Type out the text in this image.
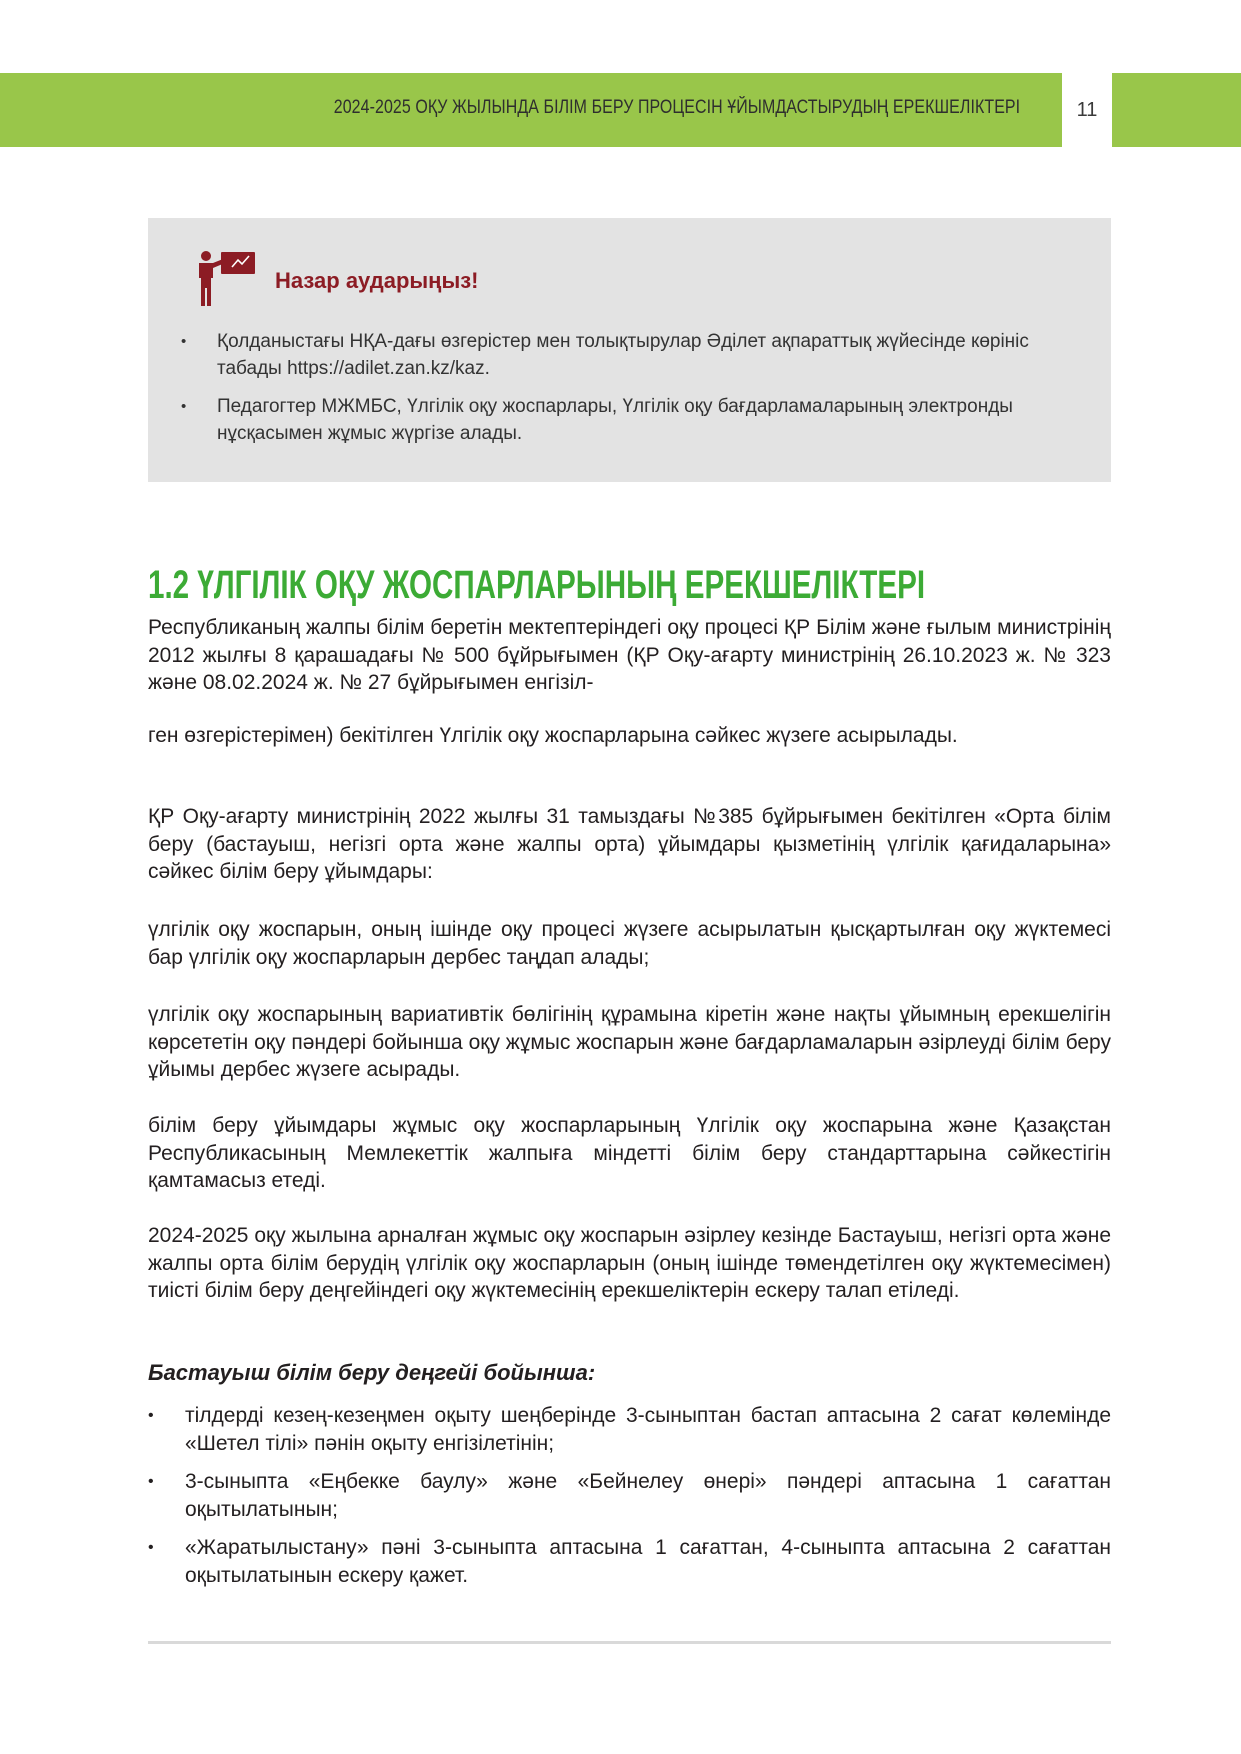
2024-2025 ОҚУ ЖЫЛЫНДА БІЛІМ БЕРУ ПРОЦЕСІН ҰЙЫМДАСТЫРУДЫҢ ЕРЕКШЕЛІКТЕРІ	11
Назар аударыңыз!
• Қолданыстағы НҚА-дағы өзгерістер мен толықтырулар Әділет ақпараттық жүйесінде көрініс табады https://adilet.zan.kz/kaz.
• Педагогтер МЖМБС, Үлгілік оқу жоспарлары, Үлгілік оқу бағдарламаларының электронды нұсқасымен жұмыс жүргізе алады.
1.2 ҮЛГІЛІК ОҚУ ЖОСПАРЛАРЫНЫҢ ЕРЕКШЕЛІКТЕРІ

Республиканың жалпы білім беретін мектептеріндегі оқу процесі ҚР Білім және ғылым министрінің 2012 жылғы 8 қарашадағы № 500 бұйрығымен (ҚР Оқу-ағарту министрінің 26.10.2023 ж. № 323 және 08.02.2024 ж. № 27 бұйрығымен енгізіл-

ген өзгерістерімен) бекітілген Үлгілік оқу жоспарларына сәйкес жүзеге асырылады.

ҚР Оқу-ағарту министрінің 2022 жылғы 31 тамыздағы №385 бұйрығымен бекітілген «Орта білім беру (бастауыш, негізгі орта және жалпы орта) ұйымдары қызметінің үлгілік қағидаларына» сәйкес білім беру ұйымдары:

үлгілік оқу жоспарын, оның ішінде оқу процесі жүзеге асырылатын қысқартылған оқу жүктемесі бар үлгілік оқу жоспарларын дербес таңдап алады;

үлгілік оқу жоспарының вариативтік бөлігінің құрамына кіретін және нақты ұйымның ерекшелігін көрсететін оқу пәндері бойынша оқу жұмыс жоспарын және бағдарламаларын әзірлеуді білім беру ұйымы дербес жүзеге асырады.

білім беру ұйымдары жұмыс оқу жоспарларының Үлгілік оқу жоспарына және Қазақстан Республикасының Мемлекеттік жалпыға міндетті білім беру стандарттарына сәйкестігін қамтамасыз етеді.

2024-2025 оқу жылына арналған жұмыс оқу жоспарын әзірлеу кезінде Бастауыш, негізгі орта және жалпы орта білім берудің үлгілік оқу жоспарларын (оның ішінде төмендетілген оқу жүктемесімен) тиісті білім беру деңгейіндегі оқу жүктемесінің ерекшеліктерін ескеру талап етіледі.

Бастауыш білім беру деңгейі бойынша:
• тілдерді кезең-кезеңмен оқыту шеңберінде 3-сыныптан бастап аптасына 2 сағат көлемінде «Шетел тілі» пәнін оқыту енгізілетінін;
• 3-сыныпта «Еңбекке баулу» және «Бейнелеу өнері» пәндері аптасына 1 сағаттан оқытылатынын;
• «Жаратылыстану» пәні 3-сыныпта аптасына 1 сағаттан, 4-сыныпта аптасына 2 сағаттан оқытылатынын ескеру қажет.
